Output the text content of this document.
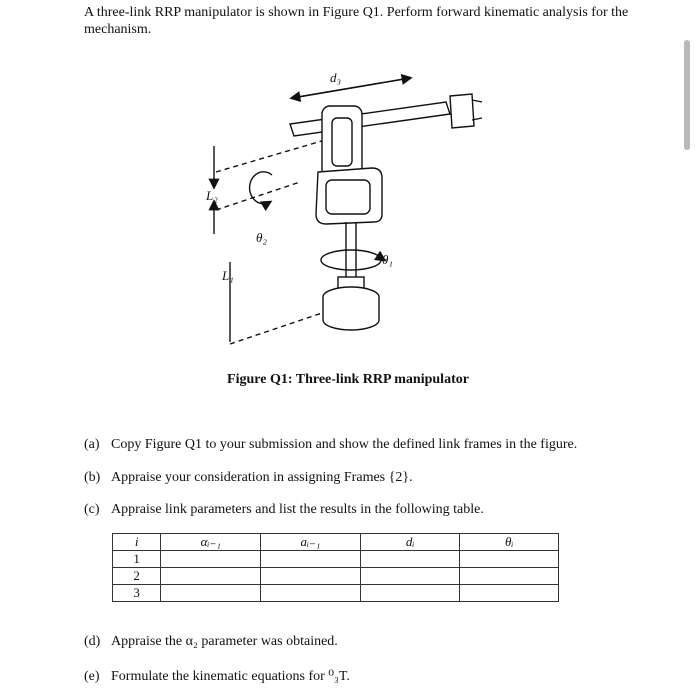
A three-link RRP manipulator is shown in Figure Q1. Perform forward kinematic analysis for the mechanism.
d₃
L₂
θ₂
θ₁
L₁
Figure Q1: Three-link RRP manipulator
(a) Copy Figure Q1 to your submission and show the defined link frames in the figure.
(b) Appraise your consideration in assigning Frames {2}.
(c) Appraise link parameters and list the results in the following table.
i	αᵢ₋₁	aᵢ₋₁	dᵢ	θᵢ
1				
2				
3				
(d) Appraise the α₂ parameter was obtained.
(e) Formulate the kinematic equations for ⁰₃T.
